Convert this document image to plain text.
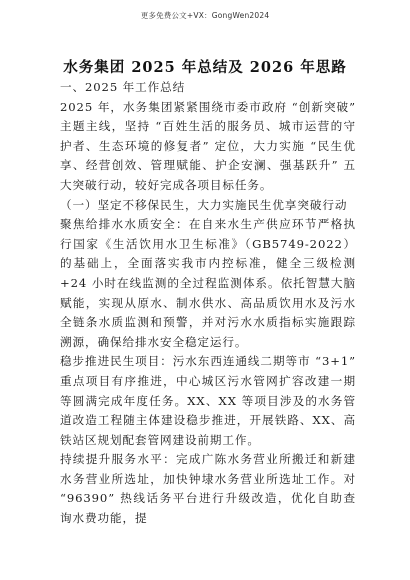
更多免费公文+VX：GongWen2024
水务集团 2025 年总结及 2026 年思路

一、2025 年工作总结

2025 年，水务集团紧紧围绕市委市政府 “创新突破” 主题主线，坚持 “百姓生活的服务员、城市运营的守护者、生态环境的修复者” 定位，大力实施 “民生优享、经营创效、管理赋能、护企安澜、强基跃升” 五大突破行动，较好完成各项目标任务。

（一）坚定不移保民生，大力实施民生优享突破行动

聚焦给排水水质安全：在自来水生产供应环节严格执行国家《生活饮用水卫生标准》（GB5749-2022）的基础上，全面落实我市内控标准，健全三级检测 +24 小时在线监测的全过程监测体系。依托智慧大脑赋能，实现从原水、制水供水、高品质饮用水及污水全链条水质监测和预警，并对污水水质指标实施跟踪溯源，确保给排水安全稳定运行。

稳步推进民生项目：污水东西连通线二期等市 “3+1” 重点项目有序推进，中心城区污水管网扩容改建一期等圆满完成年度任务。XX、XX 等项目涉及的水务管道改造工程随主体建设稳步推进，开展铁路、XX、高铁站区规划配套管网建设前期工作。

持续提升服务水平：完成广陈水务营业所搬迁和新建水务营业所选址，加快钟埭水务营业所选址工作。对 “96390” 热线话务平台进行升级改造，优化自助查询水费功能，提
